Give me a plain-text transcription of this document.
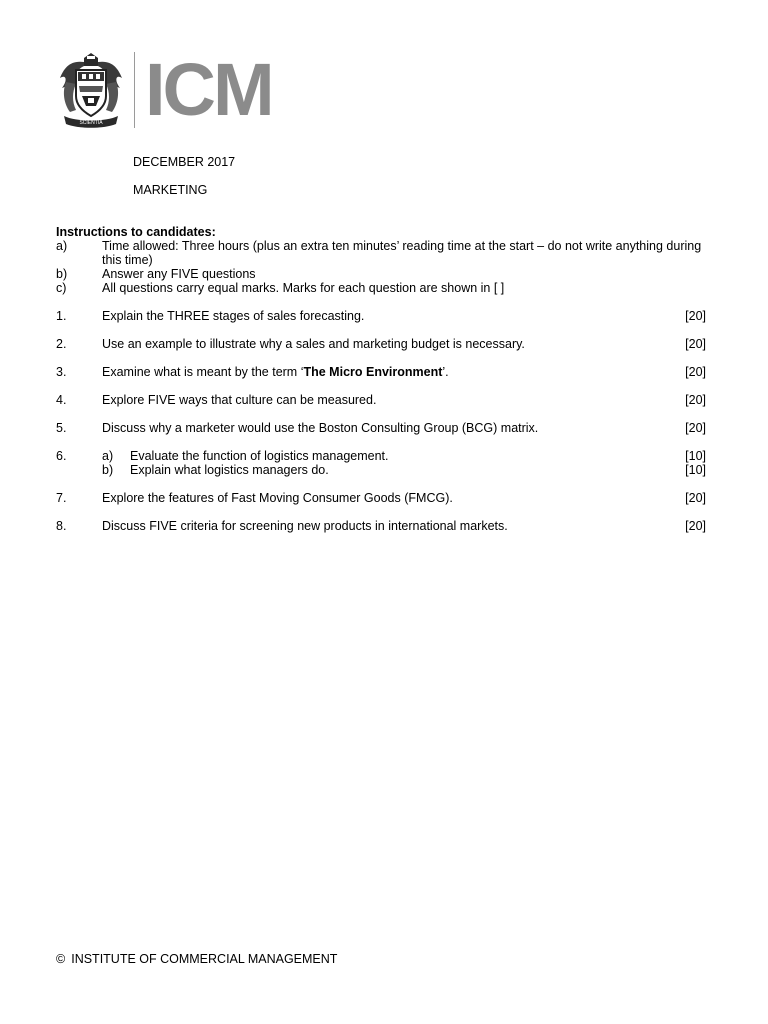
SCIENTIA ICM
DECEMBER 2017
MARKETING
Instructions to candidates:
a)	Time allowed: Three hours (plus an extra ten minutes’ reading time at the start – do not write anything during this time)
b)	Answer any FIVE questions
c)	All questions carry equal marks. Marks for each question are shown in [ ]
1.	Explain the THREE stages of sales forecasting.	[20]
2.	Use an example to illustrate why a sales and marketing budget is necessary.	[20]
3.	Examine what is meant by the term ‘The Micro Environment’.	[20]
4.	Explore FIVE ways that culture can be measured.	[20]
5.	Discuss why a marketer would use the Boston Consulting Group (BCG) matrix.	[20]
6.	a) Evaluate the function of logistics management.	[10]
b) Explain what logistics managers do.	[10]
7.	Explore the features of Fast Moving Consumer Goods (FMCG).	[20]
8.	Discuss FIVE criteria for screening new products in international markets.	[20]
© INSTITUTE OF COMMERCIAL MANAGEMENT
